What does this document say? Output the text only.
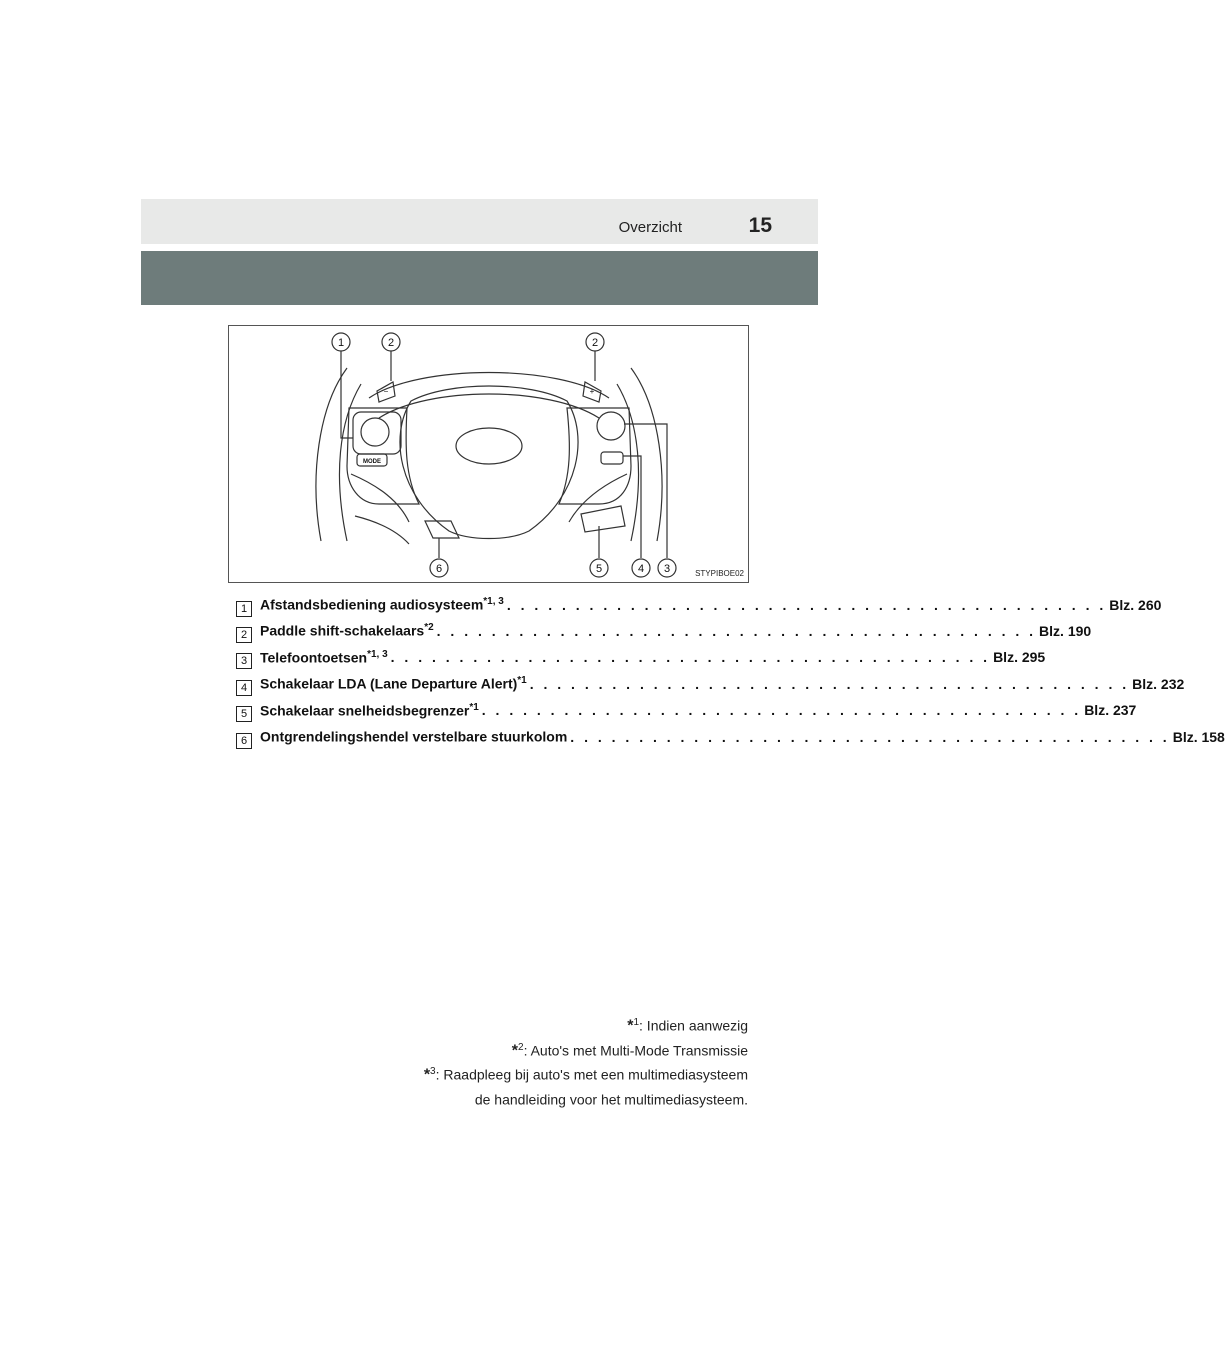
Overzicht	15
1	2	2
6	5	4 3
MODE
−	+
STYPIBOE02
1 Afstandsbediening audiosysteem$^{*1, 3}$ . . . . . . . . . . . . . . . . . . . . . . . . . . . . . . . . . . . . . . . . . . . . Blz. 260
2 Paddle shift-schakelaars$^{*2}$ . . . . . . . . . . . . . . . . . . . . . . . . . . . . . . . . . . . . . . . . . . . . Blz. 190
3 Telefoontoetsen$^{*1, 3}$ . . . . . . . . . . . . . . . . . . . . . . . . . . . . . . . . . . . . . . . . . . . . Blz. 295
4 Schakelaar LDA (Lane Departure Alert)$^{*1}$ . . . . . . . . . . . . . . . . . . . . . . . . . . . . . . . . . . . . . . . . . . . . Blz. 232
5 Schakelaar snelheidsbegrenzer$^{*1}$ . . . . . . . . . . . . . . . . . . . . . . . . . . . . . . . . . . . . . . . . . . . . Blz. 237
6 Ontgrendelingshendel verstelbare stuurkolom . . . . . . . . . . . . . . . . . . . . . . . . . . . . . . . . . . . . . . . . . . . . Blz. 158
*$^1$: Indien aanwezig
*$^2$: Auto's met Multi-Mode Transmissie
*$^3$: Raadpleeg bij auto's met een multimediasysteem
de handleiding voor het multimediasysteem.
